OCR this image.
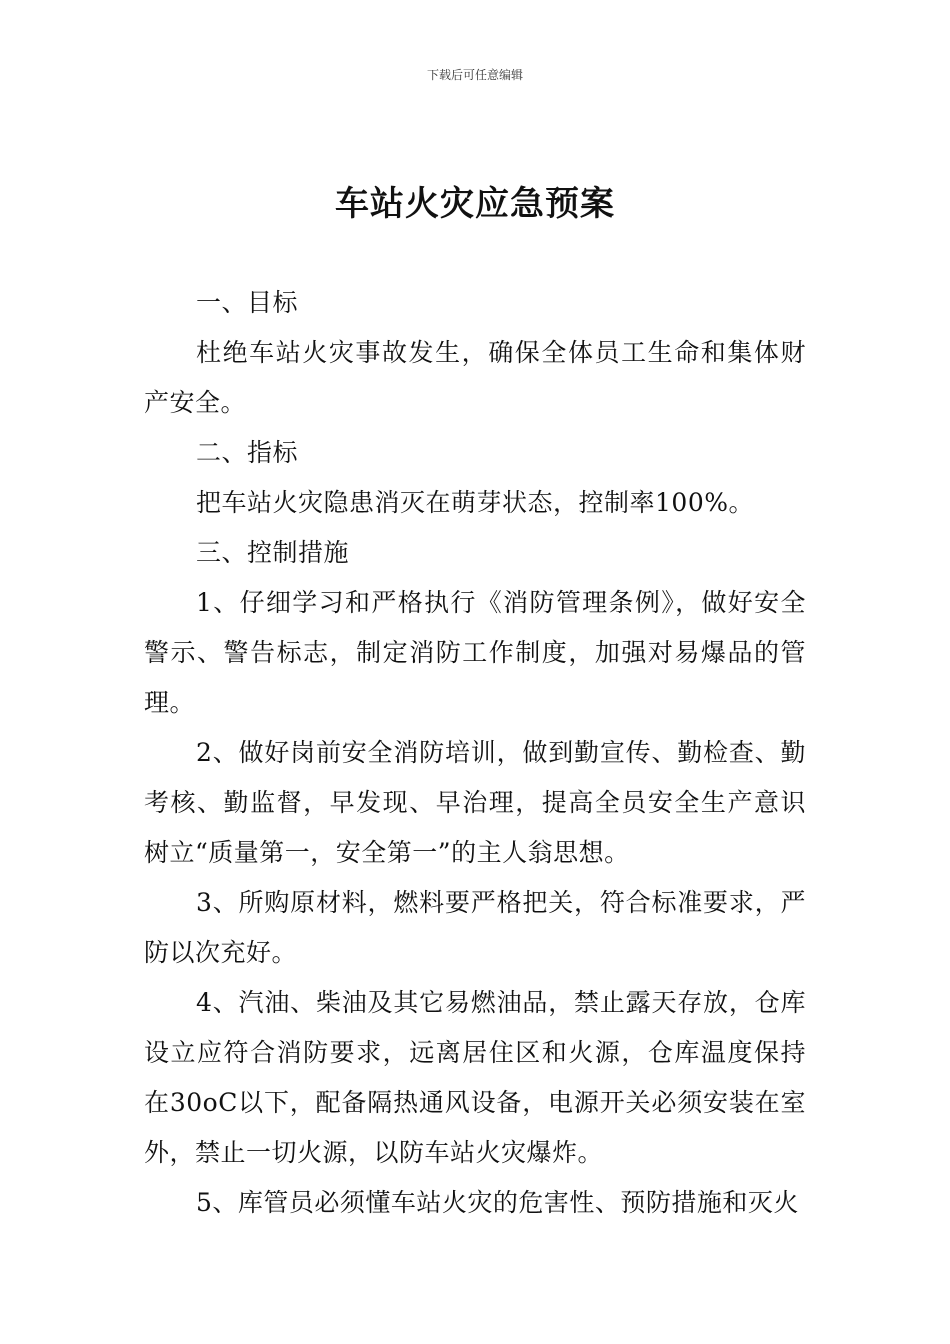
下载后可任意编辑
车站火灾应急预案

一、目标

杜绝车站火灾事故发生，确保全体员工生命和集体财产安全。

二、指标

把车站火灾隐患消灭在萌芽状态，控制率100%。

三、控制措施

1、仔细学习和严格执行《消防管理条例》，做好安全警示、警告标志，制定消防工作制度，加强对易爆品的管理。

2、做好岗前安全消防培训，做到勤宣传、勤检查、勤考核、勤监督，早发现、早治理，提高全员安全生产意识树立“质量第一，安全第一”的主人翁思想。

3、所购原材料，燃料要严格把关，符合标准要求，严防以次充好。

4、汽油、柴油及其它易燃油品，禁止露天存放，仓库设立应符合消防要求，远离居住区和火源，仓库温度保持在30oC以下，配备隔热通风设备，电源开关必须安装在室外，禁止一切火源，以防车站火灾爆炸。

5、库管员必须懂车站火灾的危害性、预防措施和灭火
